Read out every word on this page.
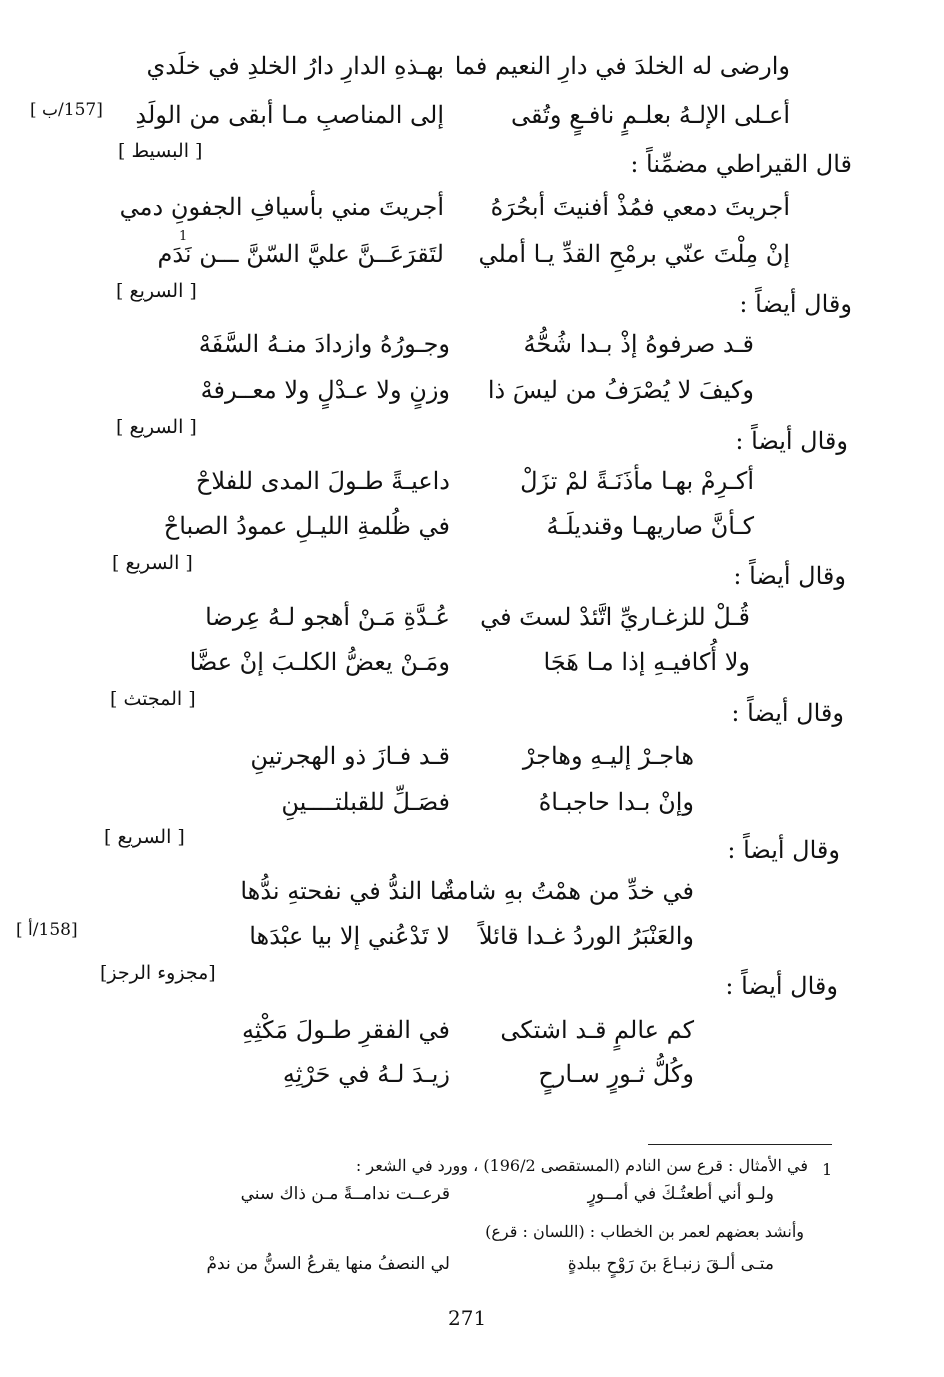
وارضى له الخلدَ في دارِ النعيم فما
بهـذهِ الدارِ دارُ الخلدِ في خلَدي
أعـلى الإلـهُ بعلـمٍ نافـعٍ وتُقى
إلى المناصبِ مـا أبقى من الولَدِ
[157/ب ]
[ البسيط ]	قال القيراطي مضمِّناً :
أجريتَ دمعي فمُذْ أفنيتَ أبحُرَهُ
أجريتَ مني بأسيافِ الجفونِ دمي
إنْ مِلْتَ عنّي برمْحِ القدِّ يـا أملي
لتَقرَعَــنَّ عليَّ السّنَّ ـــن نَدَم
1
[ السريع ]	وقال أيضاً :
قـد صرفوهُ إذْ بـدا شُحُّهُ
وجـورُهُ وازدادَ منـهُ السَّفَهْ
وكيفَ لا يُصْرَفُ من ليسَ ذا
وزنٍ ولا عـدْلٍ ولا معــرفهْ
[ السريع ]	وقال أيضاً :
أكـرِمْ بهـا مأذَنَـةً لمْ تزَلْ
داعيـةً طـولَ المدى للفلاحْ
كـأنَّ صاريهـا وقنديلَـهُ
في ظُلمةِ الليـلِ عمودُ الصباحْ
[ السريع ]	وقال أيضاً :
قُـلْ للزغـاريِّ اتَّئدْ لستَ في
عُـدَّةِ مَـنْ أهجو لـهُ عِرضا
ولا أُكافيـهِ إذا مـا هَجَا
ومَـنْ يعضُّ الكلـبَ إنْ عضَّا
[ المجتث ]	وقال أيضاً :
هاجـرْ إليـهِ وهاجرْ
قـد فـازَ ذو الهجرتينِ
وإنْ بـدا حاجبـاهُ
فصَـلِّ للقبلتــــينِ
[ السريع ]	وقال أيضاً :
في خدِّ من همْتُ بهِ شامةٌ
ما الندُّ في نفحتهِ ندُّها
والعَنْبَرُ الوردُ غـدا قائلاً
لا تَدْعُني إلا بيا عبْدَها
[158/أ ]
[مجزوء الرجز]	وقال أيضاً :
كم عالمٍ قـد اشتكى
في الفقرِ طـولَ مَكْثِهِ
وكُلُّ ثـورٍ سـارحٍ
زيـدَ لـهُ في حَرْثِهِ
1
في الأمثال : قرع سن النادم (المستقصى 196/2) ، وورد في الشعر :
ولـو أني أطعتُـكَ في أمــورٍ
قرعــت ندامــةً مـن ذاك سني
وأنشد بعضهم لعمر بن الخطاب : (اللسان : قرع)
متـى ألـقَ زنبـاعَ بنَ رَوْحٍ ببلدةٍ
لي النصفُ منها يقرعُ السنُّ من ندمْ
271
